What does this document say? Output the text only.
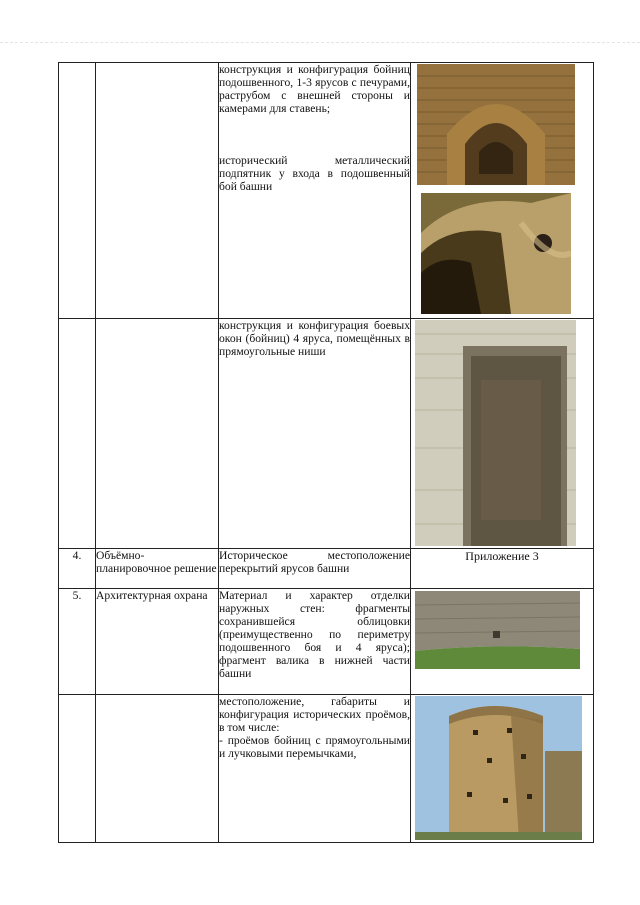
		конструкция и конфигурация бойниц подошвенного, 1-3 ярусов с печурами, раструбом с внешней стороны и камерами для ставень;

исторический металлический подпятник у входа в подошвенный бой башни

		конструкция и конфигурация боевых окон (бойниц) 4 яруса, помещённых в прямоугольные ниши

4.	Объёмно-планировочное решение	Историческое местоположение перекрытий ярусов башни	Приложение 3

5.	Архитектурная охрана	Материал и характер отделки наружных стен: фрагменты сохранившейся облицовки (преимущественно по периметру подошвенного боя и 4 яруса); фрагмент валика в нижней части башни

		местоположение, габариты и конфигурация исторических проёмов, в том числе:

- проёмов бойниц с прямоугольными и лучковыми перемычками,
